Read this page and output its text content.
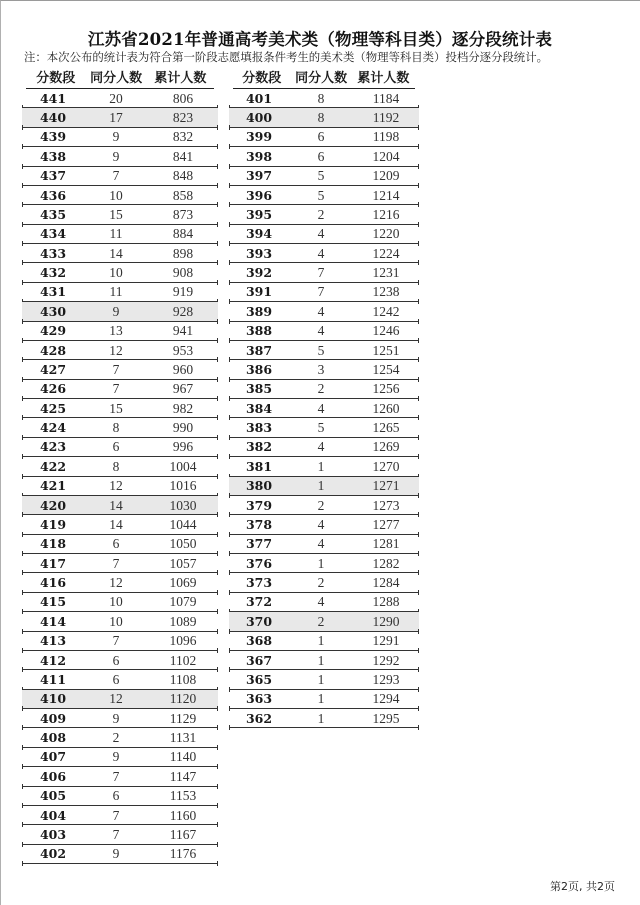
江苏省2021年普通高考美术类（物理等科目类）逐分段统计表

注：本次公布的统计表为符合第一阶段志愿填报条件考生的美术类（物理等科目类）投档分逐分段统计。

分数段	同分人数 累计人数
441	20	806
440	17	823
439	9	832
438	9	841
437	7	848
436	10	858
435	15	873
434	11	884
433	14	898
432	10	908
431	11	919
430	9	928
429	13	941
428	12	953
427	7	960
426	7	967
425	15	982
424	8	990
423	6	996
422	8	1004
421	12	1016
420	14	1030
419	14	1044
418	6	1050
417	7	1057
416	12	1069
415	10	1079
414	10	1089
413	7	1096
412	6	1102
411	6	1108
410	12	1120
409	9	1129
408	2	1131
407	9	1140
406	7	1147
405	6	1153
404	7	1160
403	7	1167
402	9	1176
分数段	同分人数 累计人数
401	8	1184
400	8	1192
399	6	1198
398	6	1204
397	5	1209
396	5	1214
395	2	1216
394	4	1220
393	4	1224
392	7	1231
391	7	1238
389	4	1242
388	4	1246
387	5	1251
386	3	1254
385	2	1256
384	4	1260
383	5	1265
382	4	1269
381	1	1270
380	1	1271
379	2	1273
378	4	1277
377	4	1281
376	1	1282
373	2	1284
372	4	1288
370	2	1290
368	1	1291
367	1	1292
365	1	1293
363	1	1294
362	1	1295
第2页, 共2页
